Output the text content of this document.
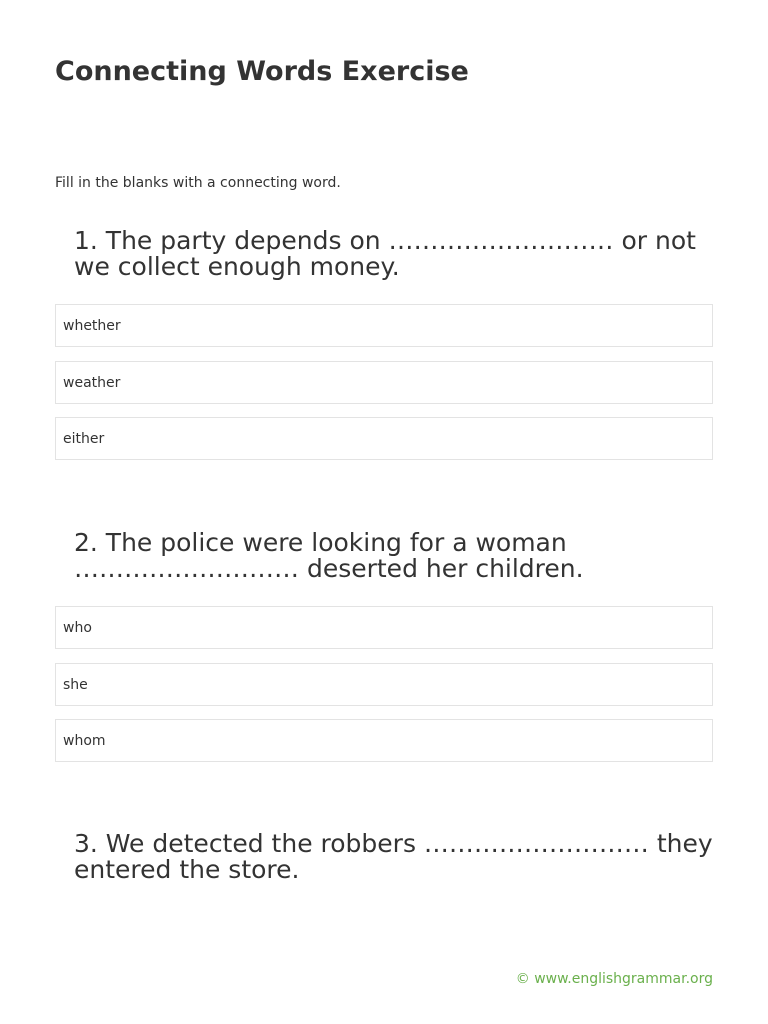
Connecting Words Exercise

Fill in the blanks with a connecting word.

1. The party depends on ……………………… or not we collect enough money.
whether
weather
either
2. The police were looking for a woman ……………………… deserted her children.
who
she
whom
3. We detected the robbers ……………………… they entered the store.
© www.englishgrammar.org
